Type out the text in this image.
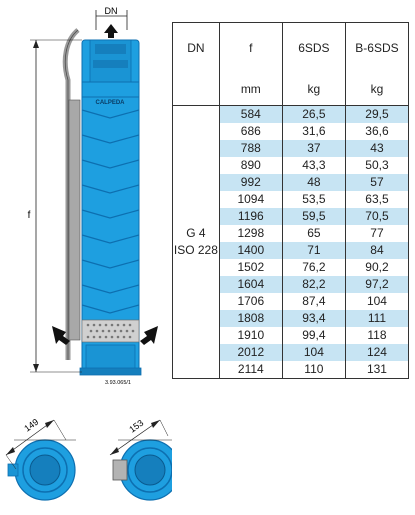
DN
CALPEDA
f
3.93.065/1
149	153
DN	f	6SDS	B-6SDS
	mm	kg	kg

G 4
ISO 228	584	26,5	29,5
	686	31,6	36,6
	788	37	43
	890	43,3	50,3
	992	48	57
	1094	53,5	63,5
	1196	59,5	70,5
	1298	65	77
	1400	71	84
	1502	76,2	90,2
	1604	82,2	97,2
	1706	87,4	104
	1808	93,4	111
	1910	99,4	118
	2012	104	124
	2114	110	131
